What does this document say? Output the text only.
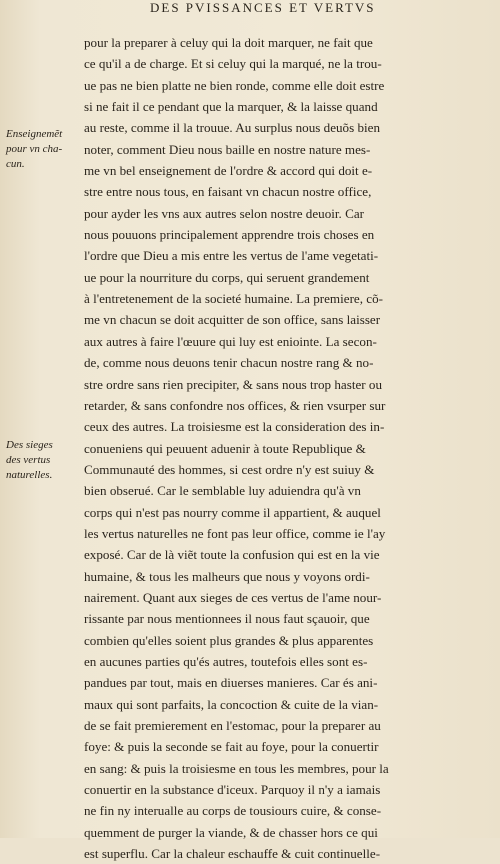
DES PVISSANCES ET VERTVS
pour la preparer à celuy qui la doit marquer, ne fait que
ce qu'il a de charge. Et si celuy qui la marqué, ne la trou-
ue pas ne bien platte ne bien ronde, comme elle doit estre
si ne fait il ce pendant que la marquer, & la laisse quand
au reste, comme il la trouue. Au surplus nous deuõs bien
noter, comment Dieu nous baille en nostre nature mes-
me vn bel enseignement de l'ordre & accord qui doit e-
stre entre nous tous, en faisant vn chacun nostre office,
pour ayder les vns aux autres selon nostre deuoir. Car
nous pouuons principalement apprendre trois choses en
l'ordre que Dieu a mis entre les vertus de l'ame vegetati-
ue pour la nourriture du corps, qui seruent grandement
à l'entretenement de la societé humaine. La premiere, cõ-
me vn chacun se doit acquitter de son office, sans laisser
aux autres à faire l'œuure qui luy est eniointe. La secon-
de, comme nous deuons tenir chacun nostre rang & no-
stre ordre sans rien precipiter, & sans nous trop haster ou
retarder, & sans confondre nos offices, & rien vsurper sur
ceux des autres. La troisiesme est la consideration des in-
conueniens qui peuuent aduenir à toute Republique &
Communauté des hommes, si cest ordre n'y est suiuy &
bien obserué. Car le semblable luy aduiendra qu'à vn
corps qui n'est pas nourry comme il appartient, & auquel
les vertus naturelles ne font pas leur office, comme ie l'ay
exposé. Car de là viẽt toute la confusion qui est en la vie
humaine, & tous les malheurs que nous y voyons ordi-
nairement. Quant aux sieges de ces vertus de l'ame nour-
rissante par nous mentionnees il nous faut sçauoir, que
combien qu'elles soient plus grandes & plus apparentes
en aucunes parties qu'és autres, toutefois elles sont es-
pandues par tout, mais en diuerses manieres. Car és ani-
maux qui sont parfaits, la concoction & cuite de la vian-
de se fait premierement en l'estomac, pour la preparer au
foye: & puis la seconde se fait au foye, pour la conuertir
en sang: & puis la troisiesme en tous les membres, pour la
conuertir en la substance d'iceux. Parquoy il n'y a iamais
ne fin ny interualle au corps de tousiours cuire, & conse-
quemment de purger la viande, & de chasser hors ce qui
est superflu. Car la chaleur eschauffe & cuit continuelle-
Enseignemẽt
pour vn cha-
cun.
Des sieges
des vertus
naturelles.
